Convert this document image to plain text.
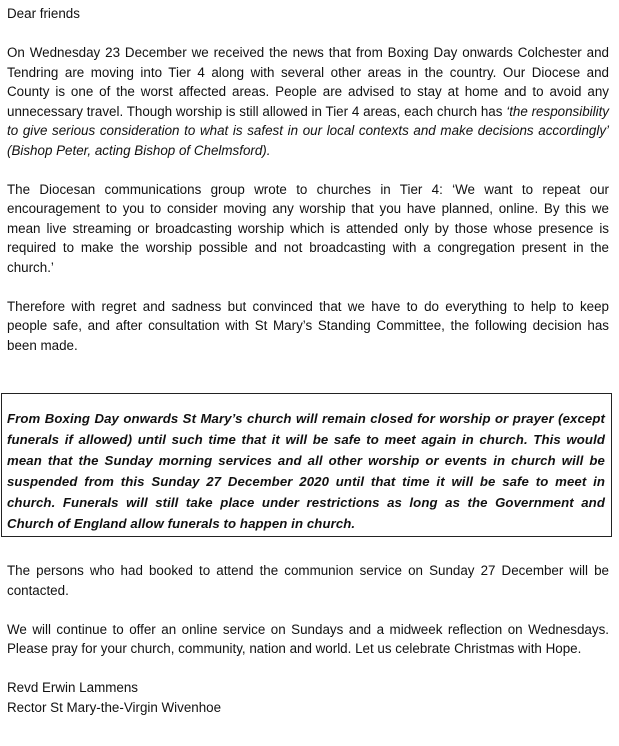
Dear friends

On Wednesday 23 December we received the news that from Boxing Day onwards Colchester and Tendring are moving into Tier 4 along with several other areas in the country. Our Diocese and County is one of the worst affected areas. People are advised to stay at home and to avoid any unnecessary travel. Though worship is still allowed in Tier 4 areas, each church has ‘the responsibility to give serious consideration to what is safest in our local contexts and make decisions accordingly’ (Bishop Peter, acting Bishop of Chelmsford).

The Diocesan communications group wrote to churches in Tier 4: ‘We want to repeat our encouragement to you to consider moving any worship that you have planned, online. By this we mean live streaming or broadcasting worship which is attended only by those whose presence is required to make the worship possible and not broadcasting with a congregation present in the church.’

Therefore with regret and sadness but convinced that we have to do everything to help to keep people safe, and after consultation with St Mary’s Standing Committee, the following decision has been made.

From Boxing Day onwards St Mary’s church will remain closed for worship or prayer (except funerals if allowed) until such time that it will be safe to meet again in church. This would mean that the Sunday morning services and all other worship or events in church will be suspended from this Sunday 27 December 2020 until that time it will be safe to meet in church. Funerals will still take place under restrictions as long as the Government and Church of England allow funerals to happen in church.

The persons who had booked to attend the communion service on Sunday 27 December will be contacted.

We will continue to offer an online service on Sundays and a midweek reflection on Wednesdays. Please pray for your church, community, nation and world. Let us celebrate Christmas with Hope.

Revd Erwin Lammens

Rector St Mary-the-Virgin Wivenhoe
